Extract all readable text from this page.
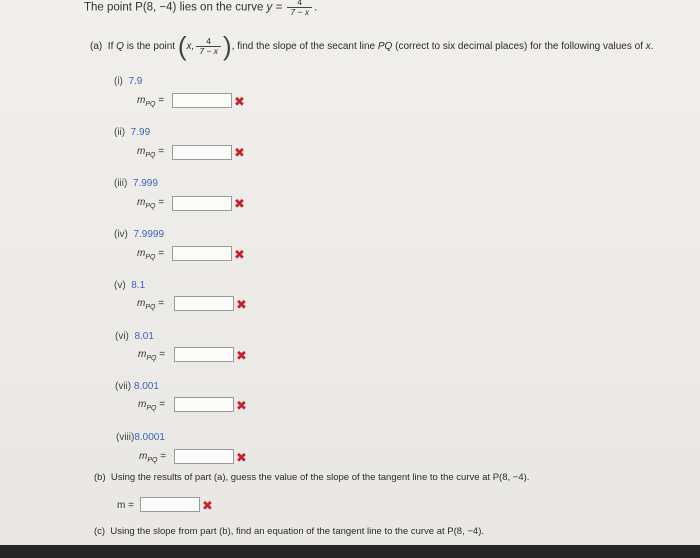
The point P(8, −4) lies on the curve $y = \frac{4}{7 - x}$ .
(a)
If
Q
is the point
( x, $\frac{4}{7 - x}$ ) , find the slope of the secant line
PQ
(correct to six decimal places) for the following values of
x .
(i) 7.9
$m_{PQ}$ =	✖
(ii) 7.99
$m_{PQ}$ =	✖
(iii) 7.999
$m_{PQ}$ =	✖
(iv) 7.9999
$m_{PQ}$ =	✖
(v) 8.1
$m_{PQ}$ =	✖
(vi) 8.01
$m_{PQ}$ =	✖
(vii) 8.001
$m_{PQ}$ =	✖
(viii)8.0001
$m_{PQ}$ =	✖
(b) Using the results of part (a), guess the value of the slope of the tangent line to the curve at P(8, −4).
m =	✖
(c) Using the slope from part (b), find an equation of the tangent line to the curve at P(8, −4).
